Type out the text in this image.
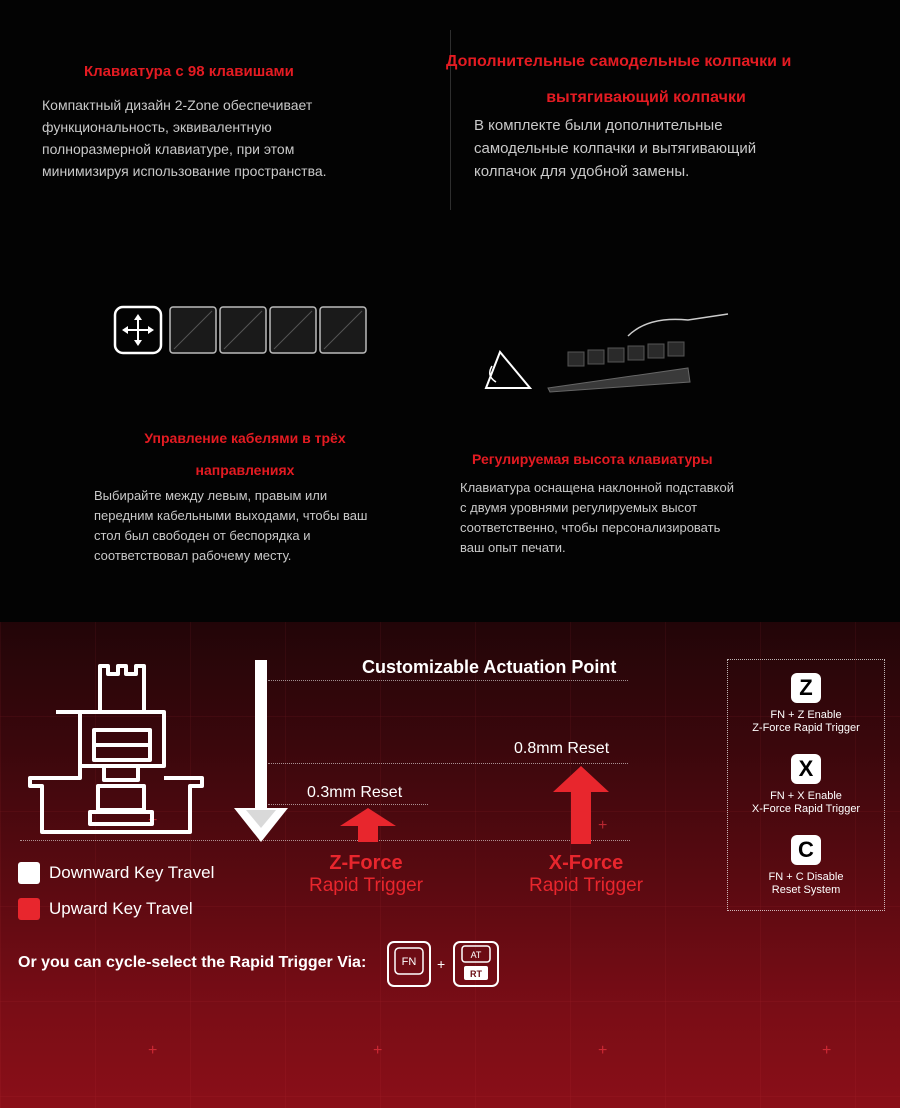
Клавиатура с 98 клавишами
Компактный дизайн 2-Zone обеспечивает
функциональность, эквивалентную
полноразмерной клавиатуре, при этом
минимизируя использование пространства.
Дополнительные самодельные колпачки и
вытягивающий колпачки
В комплекте были дополнительные
самодельные колпачки и вытягивающий
колпачок для удобной замены.
Управление кабелями в трёх
направлениях
Выбирайте между левым, правым или
передним кабельными выходами, чтобы ваш
стол был свободен от беспорядка и
соответствовал рабочему месту.
Регулируемая высота клавиатуры
Клавиатура оснащена наклонной подставкой
с двумя уровнями регулируемых высот
соответственно, чтобы персонализировать
ваш опыт печати.
+	+
+	+	+	+
Customizable Actuation Point
0.8mm Reset
0.3mm Reset
Z-Force
Rapid Trigger
X-Force
Rapid Trigger
Downward Key Travel
Upward Key Travel
Or you can cycle-select the Rapid Trigger Via:	FN +
AT
RT
Z
FN + Z Enable
Z-Force Rapid Trigger
X
FN + X Enable
X-Force Rapid Trigger
C
FN + C Disable
Reset System
